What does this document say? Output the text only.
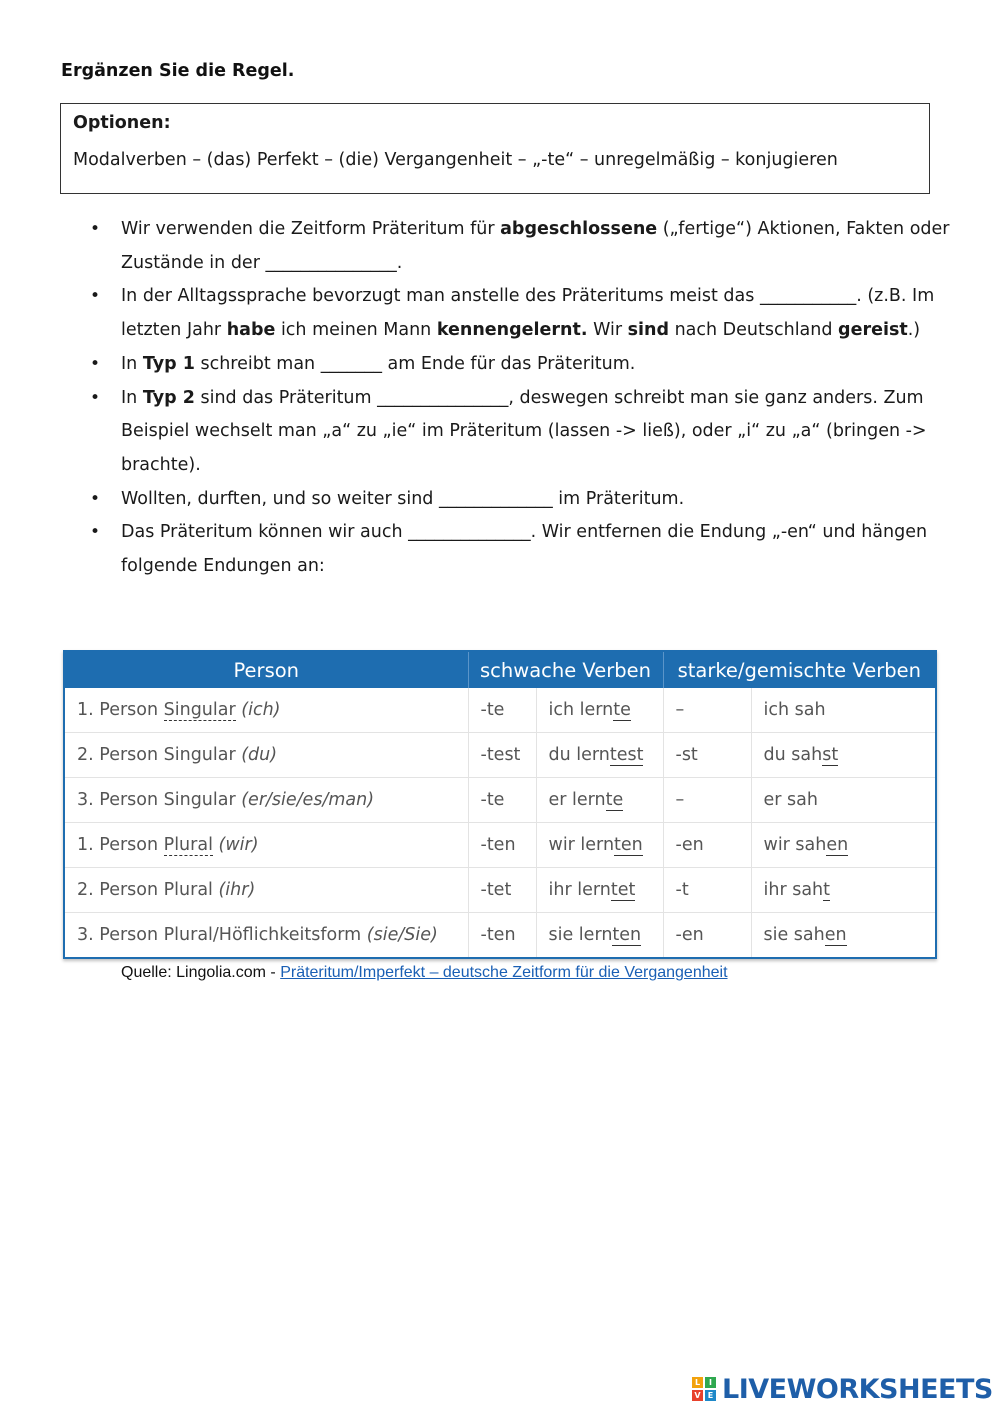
Ergänzen Sie die Regel.
Optionen:
Modalverben – (das) Perfekt – (die) Vergangenheit – „-te“ – unregelmäßig – konjugieren
• Wir verwenden die Zeitform Präteritum für abgeschlossene („fertige“) Aktionen, Fakten oder Zustände in der _______________.
• In der Alltagssprache bevorzugt man anstelle des Präteritums meist das ___________. (z.B. Im letzten Jahr habe ich meinen Mann kennengelernt. Wir sind nach Deutschland gereist.)
• In Typ 1 schreibt man _______ am Ende für das Präteritum.
• In Typ 2 sind das Präteritum _______________, deswegen schreibt man sie ganz anders. Zum Beispiel wechselt man „a“ zu „ie“ im Präteritum (lassen -> ließ), oder „i“ zu „a“ (bringen -> brachte).
• Wollten, durften, und so weiter sind _____________ im Präteritum.
• Das Präteritum können wir auch ______________. Wir entfernen die Endung „-en“ und hängen folgende Endungen an:
Person	schwache Verben		starke/gemischte Verben	
1. Person Singular (ich)	-te	ich lernte	–	ich sah
2. Person Singular (du)	-test	du lerntest	-st	du sahst
3. Person Singular (er/sie/es/man)	-te	er lernte	–	er sah
1. Person Plural (wir)	-ten	wir lernten	-en	wir sahen
2. Person Plural (ihr)	-tet	ihr lerntet	-t	ihr saht
3. Person Plural/Höflichkeitsform (sie/Sie)	-ten	sie lernten	-en	sie sahen
Quelle: Lingolia.com - Präteritum/Imperfekt – deutsche Zeitform für die Vergangenheit
L	I
V E LIVEWORKSHEETS
